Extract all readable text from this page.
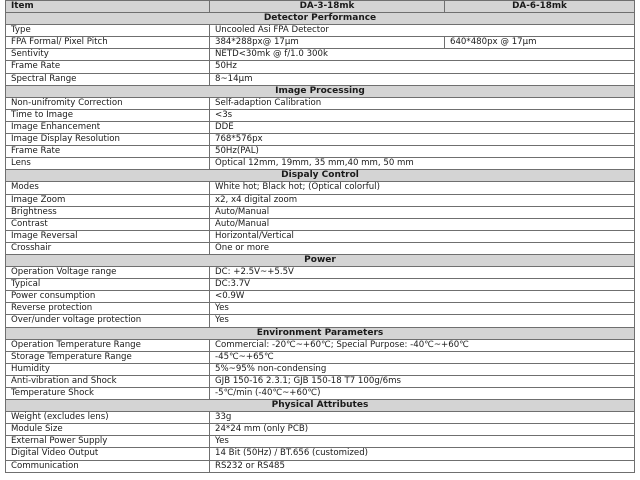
Item	DA-3-18mk	DA-6-18mk
Detector Performance		
Type	Uncooled Asi FPA Detector	
FPA Formal/ Pixel Pitch	384*288px@ 17μm	640*480px @ 17μm
Sentivity	NETD<30mk @ f/1.0 300k	
Frame Rate	50Hz	
Spectral Range	8~14μm	
Image Processing		
Non-unifromity Correction	Self-adaption Calibration	
Time to Image	<3s	
Image Enhancement	DDE	
Image Display Resolution	768*576px	
Frame Rate	50Hz(PAL)	
Lens	Optical 12mm, 19mm, 35 mm,40 mm, 50 mm	
Dispaly Control		
Modes	White hot; Black hot; (Optical colorful)	
Image Zoom	x2, x4 digital zoom	
Brightness	Auto/Manual	
Contrast	Auto/Manual	
Image Reversal	Horizontal/Vertical	
Crosshair	One or more	
Power		
Operation Voltage range	DC: +2.5V~+5.5V	
Typical	DC:3.7V	
Power consumption	<0.9W	
Reverse protection	Yes	
Over/under voltage protection	Yes	
Environment Parameters		
Operation Temperature Range	Commercial: -20℃~+60℃; Special Purpose: -40℃~+60℃	
Storage Temperature Range	-45℃~+65℃	
Humidity	5%~95% non-condensing	
Anti-vibration and Shock	GJB 150-16 2.3.1; GJB 150-18 T7 100g/6ms	
Temperature Shock	-5℃/min (-40℃~+60℃)	
Physical Attributes		
Weight (excludes lens)	33g	
Module Size	24*24 mm (only PCB)	
External Power Supply	Yes	
Digital Video Output	14 Bit (50Hz) / BT.656 (customized)	
Communication	RS232 or RS485	
